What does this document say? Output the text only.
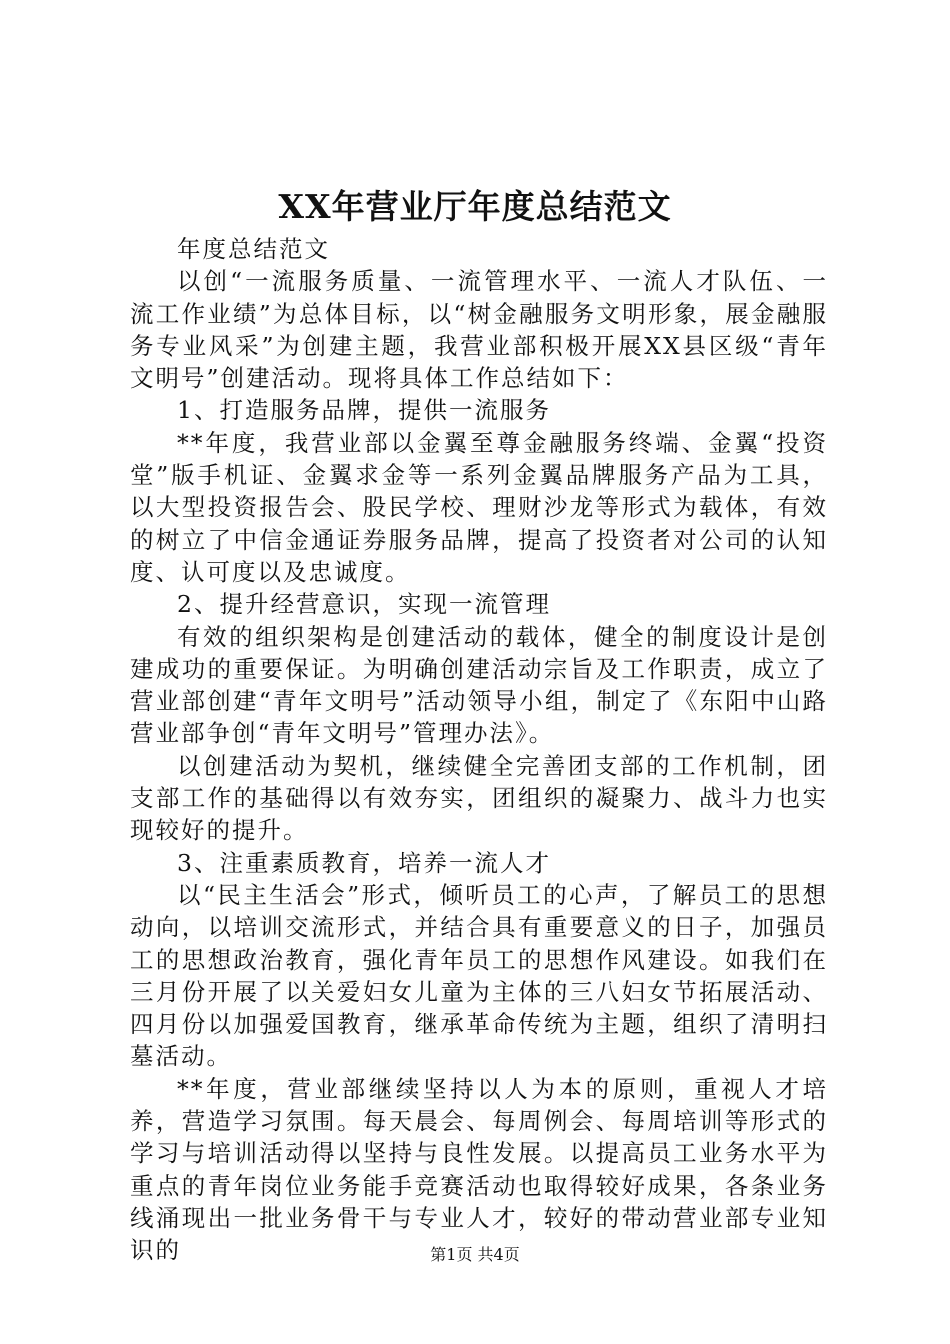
XX年营业厅年度总结范文

年度总结范文

以创“一流服务质量、一流管理水平、一流人才队伍、一流工作业绩”为总体目标，以“树金融服务文明形象，展金融服务专业风采”为创建主题，我营业部积极开展XX县区级“青年文明号”创建活动。现将具体工作总结如下：

1、打造服务品牌，提供一流服务

**年度，我营业部以金翼至尊金融服务终端、金翼“投资堂”版手机证、金翼求金等一系列金翼品牌服务产品为工具，以大型投资报告会、股民学校、理财沙龙等形式为载体，有效的树立了中信金通证券服务品牌，提高了投资者对公司的认知度、认可度以及忠诚度。

2、提升经营意识，实现一流管理

有效的组织架构是创建活动的载体，健全的制度设计是创建成功的重要保证。为明确创建活动宗旨及工作职责，成立了营业部创建“青年文明号”活动领导小组，制定了《东阳中山路营业部争创“青年文明号”管理办法》。

以创建活动为契机，继续健全完善团支部的工作机制，团支部工作的基础得以有效夯实，团组织的凝聚力、战斗力也实现较好的提升。

3、注重素质教育，培养一流人才

以“民主生活会”形式，倾听员工的心声，了解员工的思想动向，以培训交流形式，并结合具有重要意义的日子，加强员工的思想政治教育，强化青年员工的思想作风建设。如我们在三月份开展了以关爱妇女儿童为主体的三八妇女节拓展活动、四月份以加强爱国教育，继承革命传统为主题，组织了清明扫墓活动。

**年度，营业部继续坚持以人为本的原则，重视人才培养，营造学习氛围。每天晨会、每周例会、每周培训等形式的学习与培训活动得以坚持与良性发展。以提高员工业务水平为重点的青年岗位业务能手竞赛活动也取得较好成果，各条业务线涌现出一批业务骨干与专业人才，较好的带动营业部专业知识的	第1页 共4页
